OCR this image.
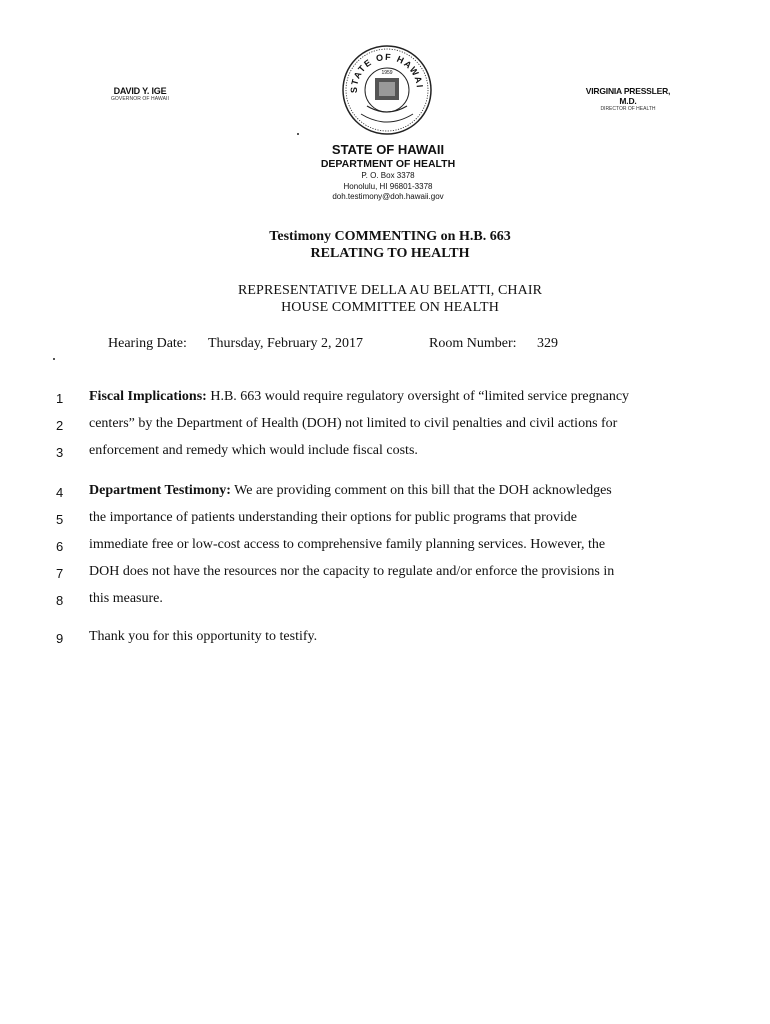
DAVID Y. IGE
GOVERNOR OF HAWAII
STATE OF HAWAI
1959
VIRGINIA PRESSLER, M.D.
DIRECTOR OF HEALTH
STATE OF HAWAII
DEPARTMENT OF HEALTH
P. O. Box 3378
Honolulu, HI 96801-3378
doh.testimony@doh.hawaii.gov
Testimony COMMENTING on H.B. 663
RELATING TO HEALTH
REPRESENTATIVE DELLA AU BELATTI, CHAIR
HOUSE COMMITTEE ON HEALTH
Hearing Date: Thursday, February 2, 2017	Room Number: 329
1	Fiscal Implications: H.B. 663 would require regulatory oversight of “limited service pregnancy
2	centers” by the Department of Health (DOH) not limited to civil penalties and civil actions for
3	enforcement and remedy which would include fiscal costs.
4	Department Testimony: We are providing comment on this bill that the DOH acknowledges
5	the importance of patients understanding their options for public programs that provide
6	immediate free or low-cost access to comprehensive family planning services. However, the
7	DOH does not have the resources nor the capacity to regulate and/or enforce the provisions in
8	this measure.
9	Thank you for this opportunity to testify.
